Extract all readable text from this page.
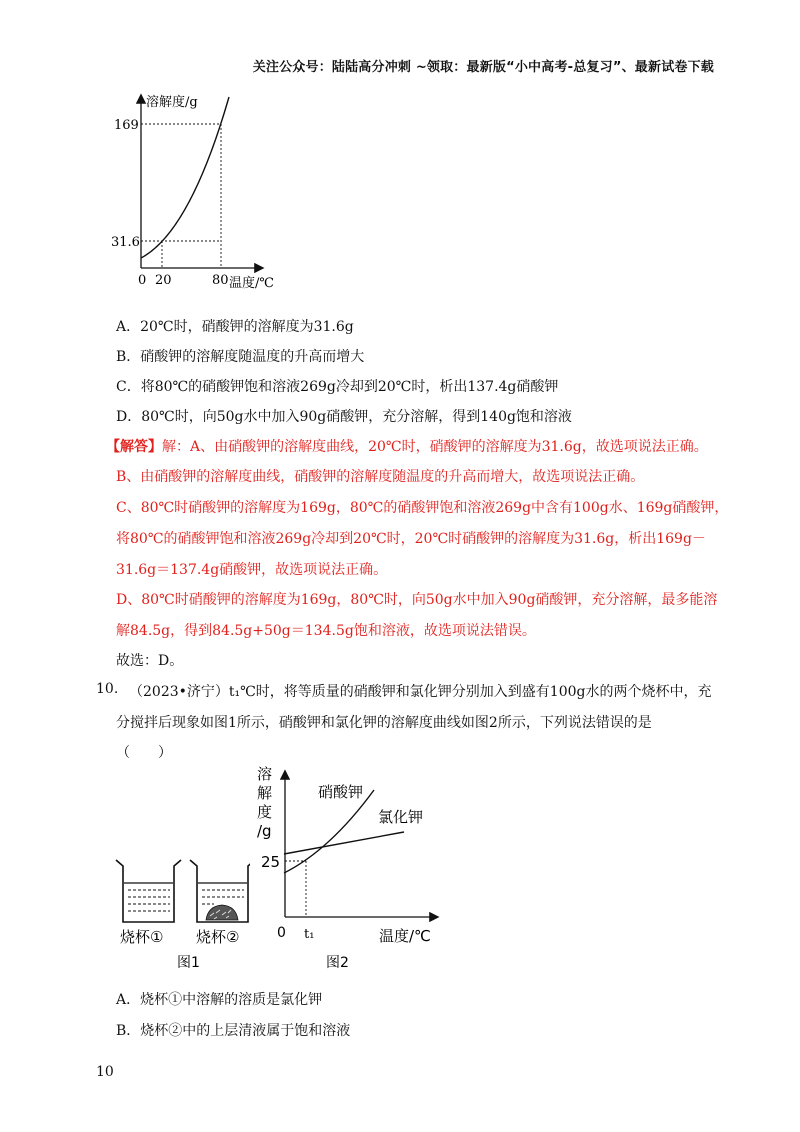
关注公众号：陆陆高分冲刺 ~领取：最新版“小中高考-总复习”、最新试卷下载
溶解度/g
169
31.6
0 20	80 温度/℃
A．20℃时，硝酸钾的溶解度为31.6g
B．硝酸钾的溶解度随温度的升高而增大
C．将80℃的硝酸钾饱和溶液269g冷却到20℃时，析出137.4g硝酸钾
D．80℃时，向50g水中加入90g硝酸钾，充分溶解，得到140g饱和溶液
【解答】解：A、由硝酸钾的溶解度曲线，20℃时，硝酸钾的溶解度为31.6g，故选项说法正确。
B、由硝酸钾的溶解度曲线，硝酸钾的溶解度随温度的升高而增大，故选项说法正确。
C、80℃时硝酸钾的溶解度为169g，80℃的硝酸钾饱和溶液269g中含有100g水、169g硝酸钾，
将80℃的硝酸钾饱和溶液269g冷却到20℃时，20℃时硝酸钾的溶解度为31.6g，析出169g－
31.6g＝137.4g硝酸钾，故选项说法正确。
D、80℃时硝酸钾的溶解度为169g，80℃时，向50g水中加入90g硝酸钾，充分溶解，最多能溶
解84.5g，得到84.5g+50g＝134.5g饱和溶液，故选项说法错误。
故选：D。
10. （2023•济宁）t₁℃时，将等质量的硝酸钾和氯化钾分别加入到盛有100g水的两个烧杯中，充
分搅拌后现象如图1所示，硝酸钾和氯化钾的溶解度曲线如图2所示，下列说法错误的是
（　　）
烧杯① 烧杯②
图1
溶
解
度
/g
25
0 t₁	温度/℃
硝酸钾
氯化钾
图2
A．烧杯①中溶解的溶质是氯化钾
B．烧杯②中的上层清液属于饱和溶液
10
